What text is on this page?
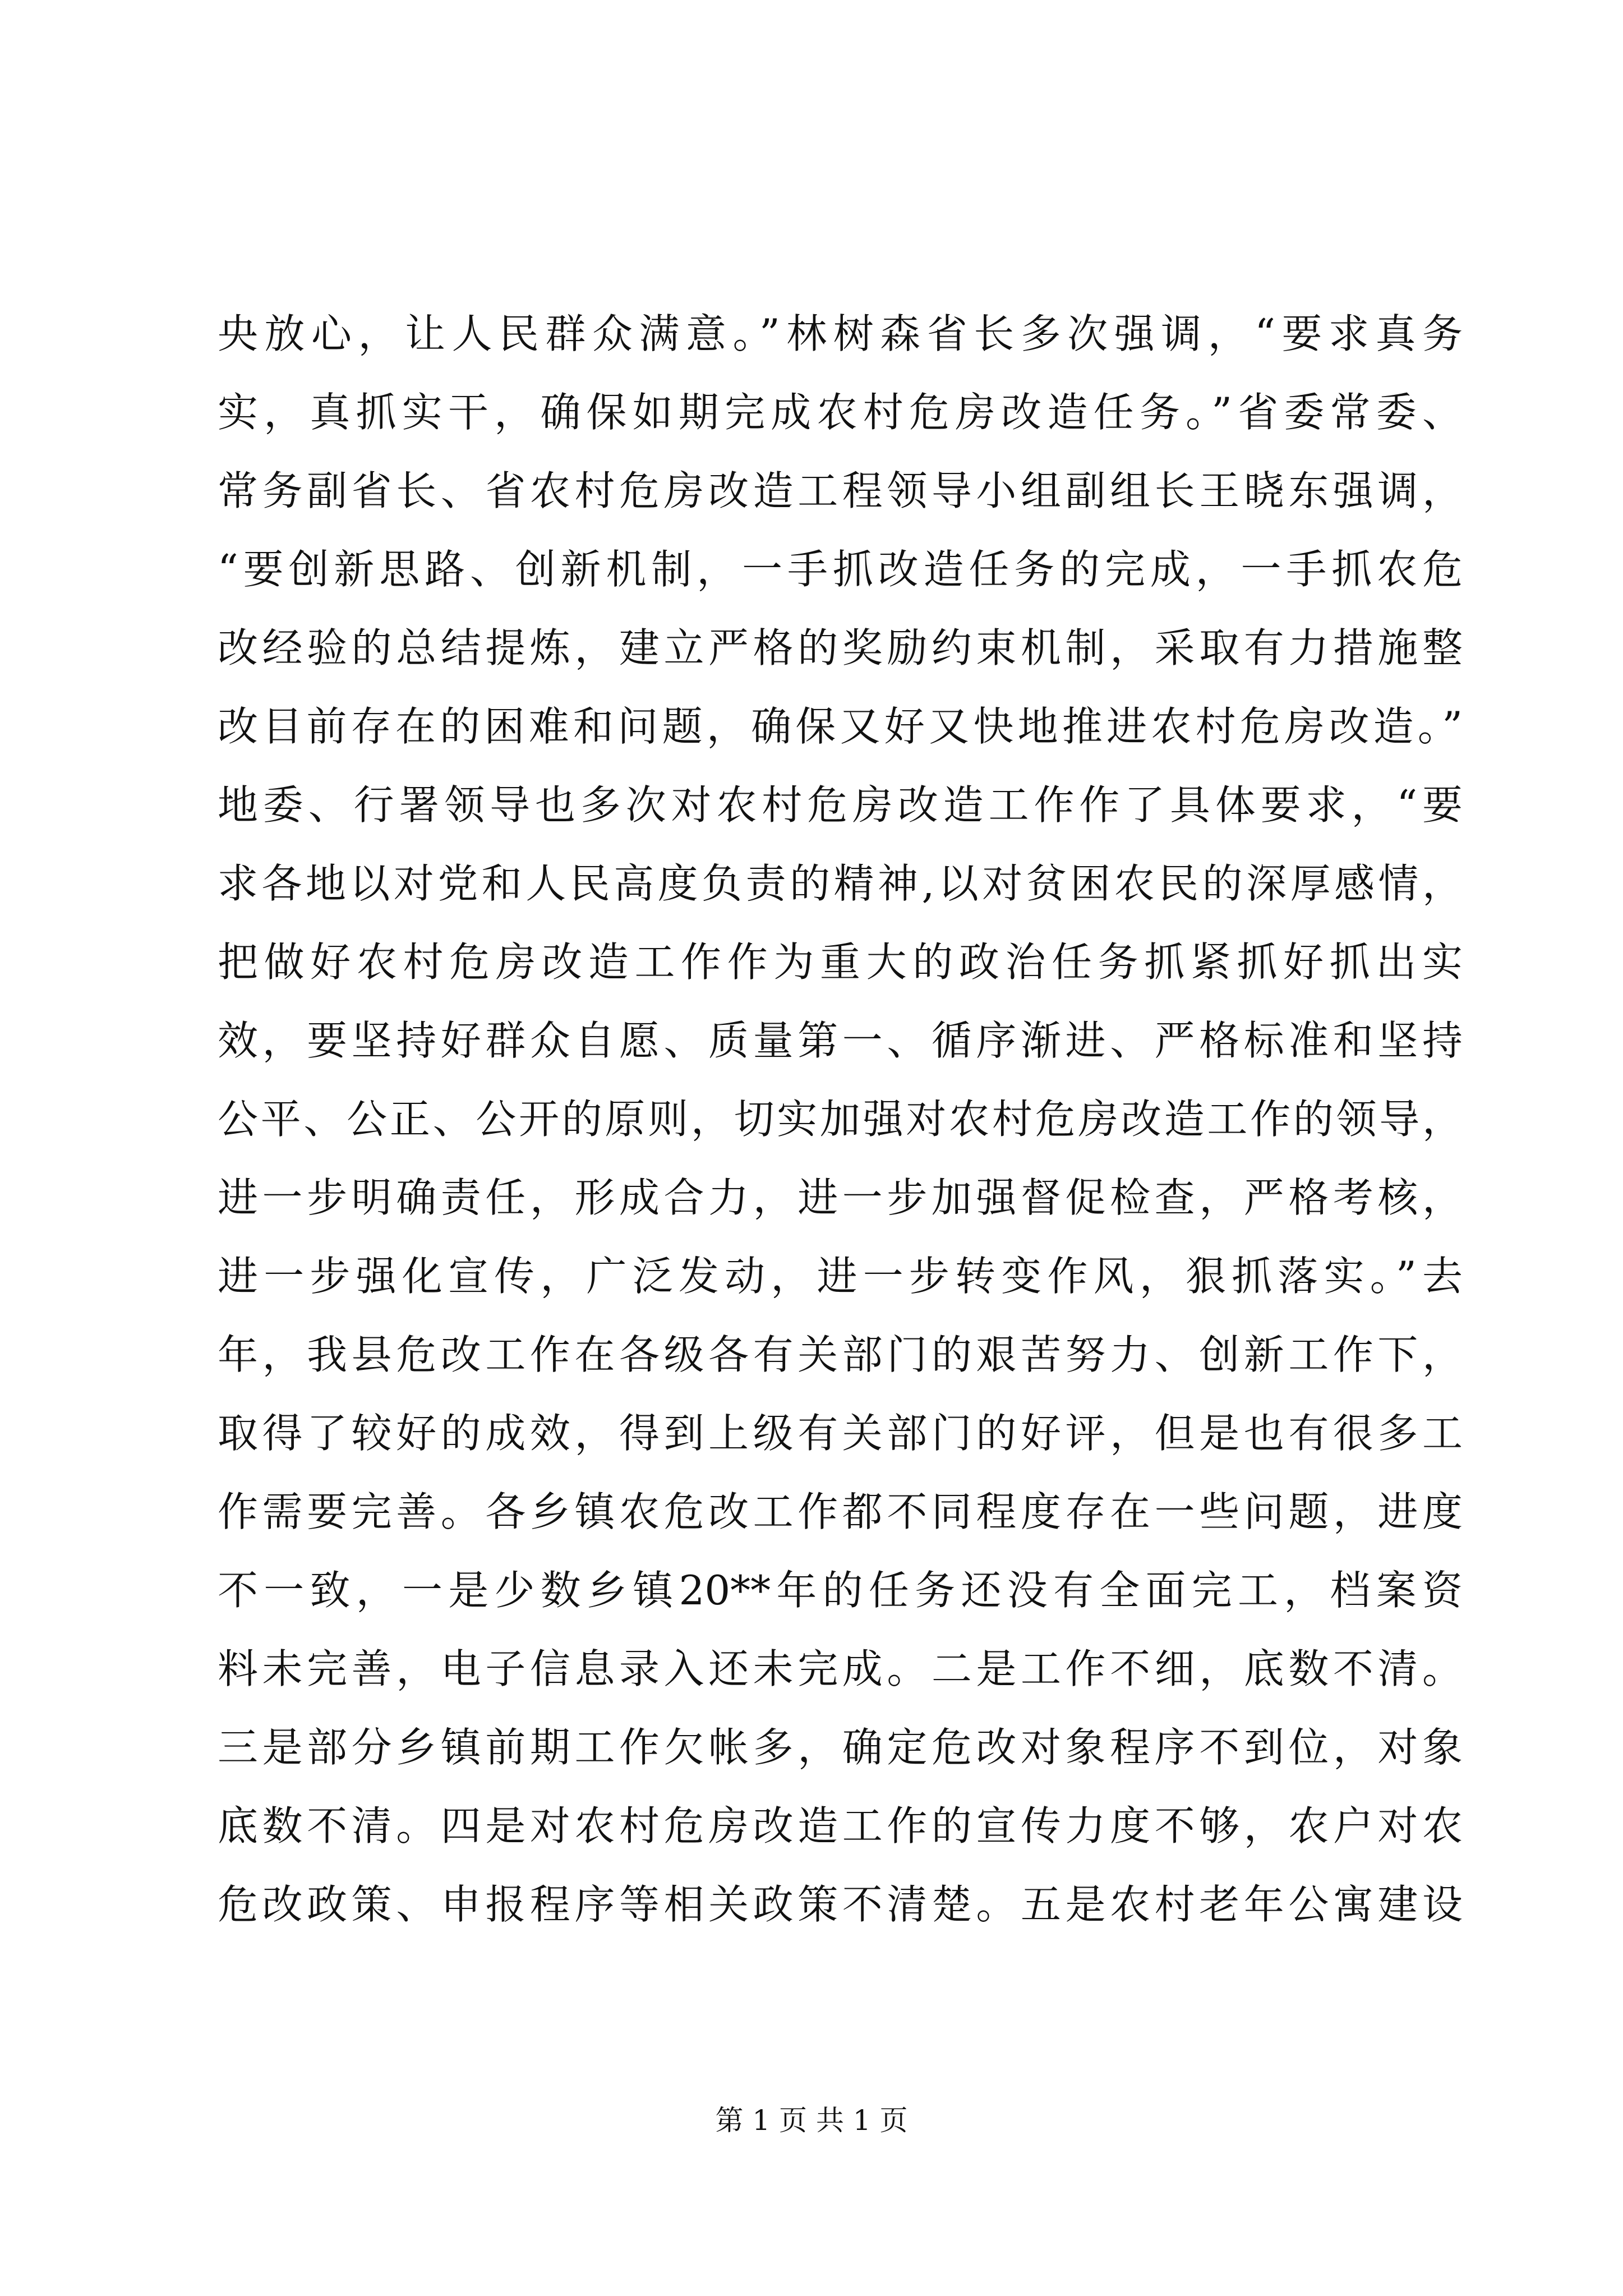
央放心，让人民群众满意。”林树森省长多次强调，“要求真务
实，真抓实干，确保如期完成农村危房改造任务。”省委常委、
常务副省长、省农村危房改造工程领导小组副组长王晓东强调，
“要创新思路、创新机制，一手抓改造任务的完成，一手抓农危
改经验的总结提炼，建立严格的奖励约束机制，采取有力措施整
改目前存在的困难和问题，确保又好又快地推进农村危房改造。”
地委、行署领导也多次对农村危房改造工作作了具体要求，“要
求各地以对党和人民高度负责的精神,以对贫困农民的深厚感情，
把做好农村危房改造工作作为重大的政治任务抓紧抓好抓出实
效，要坚持好群众自愿、质量第一、循序渐进、严格标准和坚持
公平、公正、公开的原则，切实加强对农村危房改造工作的领导，
进一步明确责任，形成合力，进一步加强督促检查，严格考核，
进一步强化宣传，广泛发动，进一步转变作风，狠抓落实。”去
年，我县危改工作在各级各有关部门的艰苦努力、创新工作下，
取得了较好的成效，得到上级有关部门的好评，但是也有很多工
作需要完善。各乡镇农危改工作都不同程度存在一些问题，进度
不一致，一是少数乡镇20**年的任务还没有全面完工，档案资
料未完善，电子信息录入还未完成。二是工作不细，底数不清。
三是部分乡镇前期工作欠帐多，确定危改对象程序不到位，对象
底数不清。四是对农村危房改造工作的宣传力度不够，农户对农
危改政策、申报程序等相关政策不清楚。五是农村老年公寓建设
第 1 页 共 1 页
